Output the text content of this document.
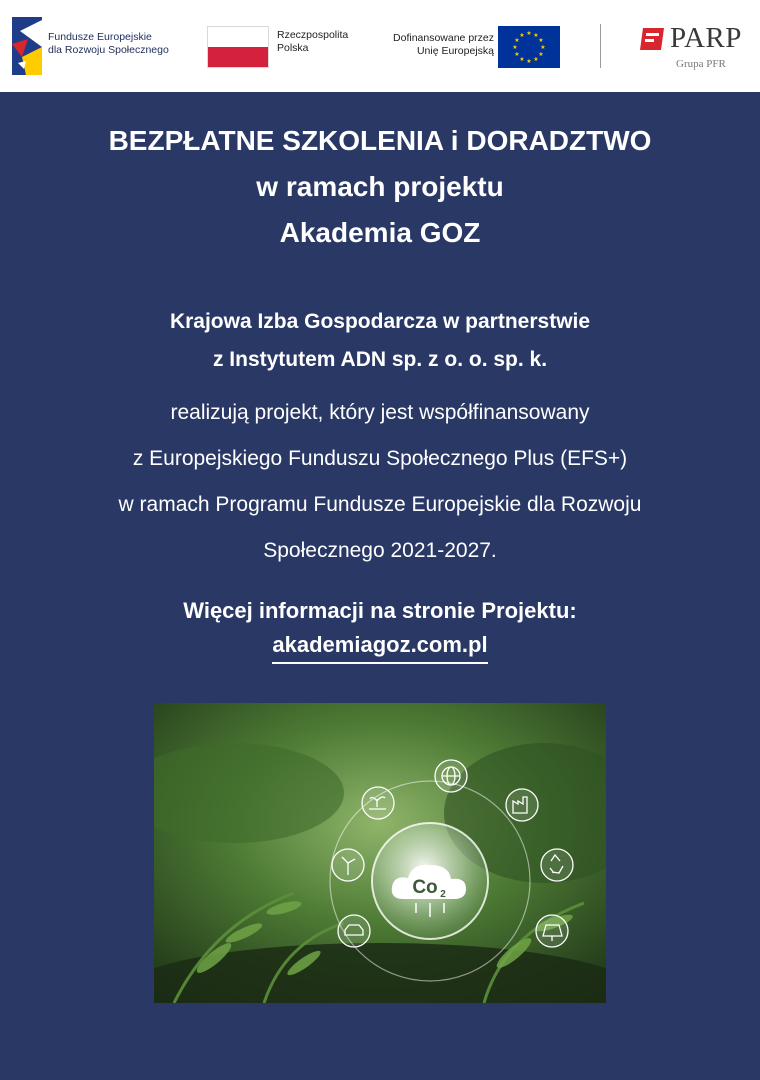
Fundusze Europejskie
dla Rozwoju Społecznego
Rzeczpospolita
Polska
Dofinansowane przez
Unię Europejską
★ ★
★
★
★
★
★
★
★
★
★
★	PARP
Grupa PFR
BEZPŁATNE SZKOLENIA i DORADZTWO
w ramach projektu
Akademia GOZ
Krajowa Izba Gospodarcza w partnerstwie
z Instytutem ADN sp. z o. o. sp. k.
realizują projekt, który jest współfinansowany
z Europejskiego Funduszu Społecznego Plus (EFS+)
w ramach Programu Fundusze Europejskie dla Rozwoju
Społecznego 2021-2027.
Więcej informacji na stronie Projektu:
akademiagoz.com.pl
Co 2
